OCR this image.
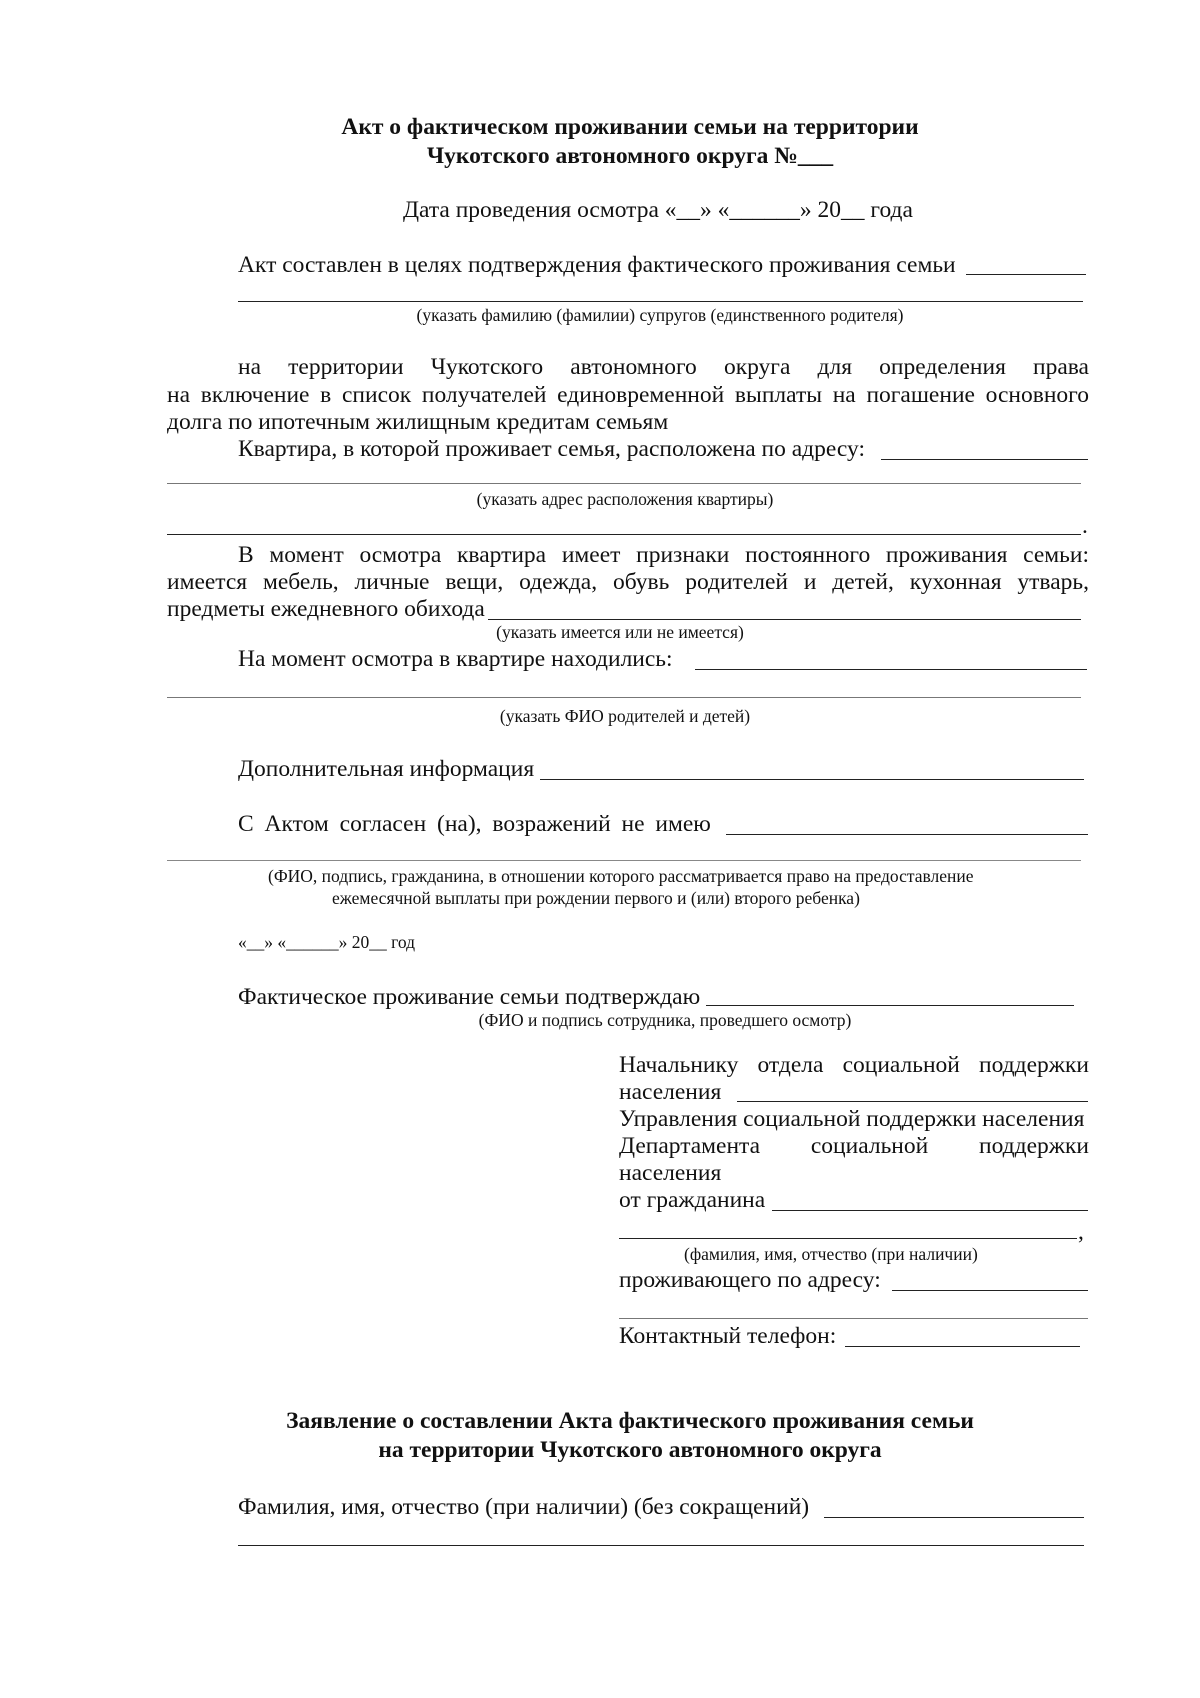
Акт о фактическом проживании семьи на территории
Чукотского автономного округа №___
Дата проведения осмотра «__» «______» 20__ года
Акт составлен в целях подтверждения фактического проживания семьи
(указать фамилию (фамилии) супругов (единственного родителя)
на территории Чукотского автономного округа для определения права
на включение в список получателей единовременной выплаты на погашение основного
долга по ипотечным жилищным кредитам семьям
Квартира, в которой проживает семья, расположена по адресу:
(указать адрес расположения квартиры)
.
В момент осмотра квартира имеет признаки постоянного проживания семьи:
имеется мебель, личные вещи, одежда, обувь родителей и детей, кухонная утварь,
предметы ежедневного обихода
(указать имеется или не имеется)
На момент осмотра в квартире находились:
(указать ФИО родителей и детей)
Дополнительная информация
С Актом согласен (на), возражений не имею
(ФИО, подпись, гражданина, в отношении которого рассматривается право на предоставление
ежемесячной выплаты при рождении первого и (или) второго ребенка)
«__» «______» 20__ год
Фактическое проживание семьи подтверждаю
(ФИО и подпись сотрудника, проведшего осмотр)
Начальнику отдела социальной поддержки
населения
Управления социальной поддержки населения
Департамента социальной поддержки
населения
от гражданина
,
(фамилия, имя, отчество (при наличии)
проживающего по адресу:
Контактный телефон:
Заявление о составлении Акта фактического проживания семьи
на территории Чукотского автономного округа
Фамилия, имя, отчество (при наличии) (без сокращений)
